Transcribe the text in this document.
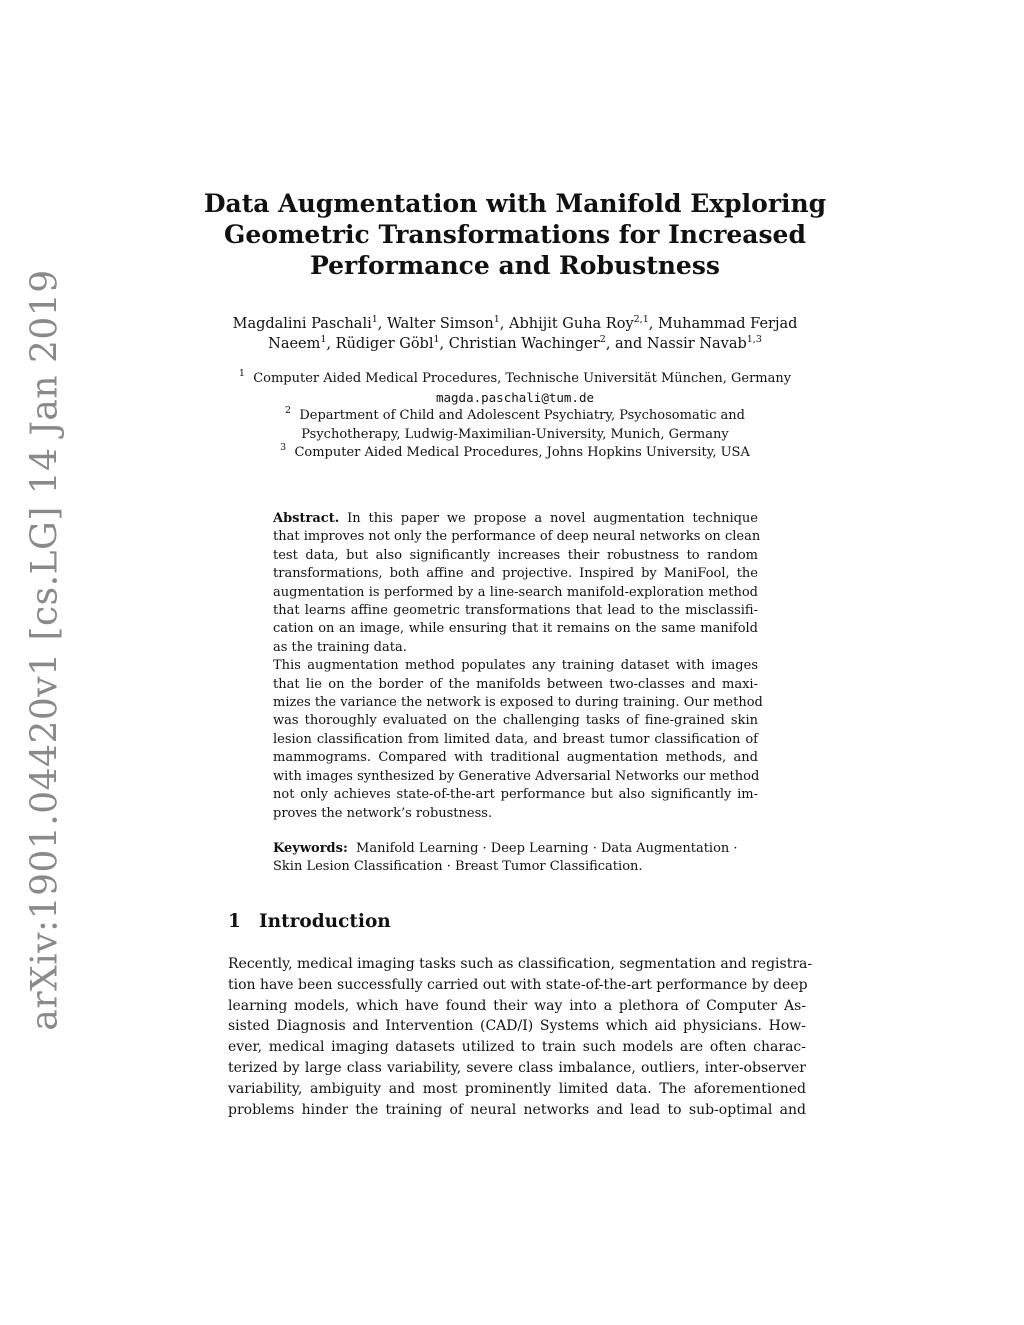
arXiv:1901.04420v1 [cs.LG] 14 Jan 2019
Data Augmentation with Manifold Exploring
Geometric Transformations for Increased
Performance and Robustness
Magdalini Paschali$^1$, Walter Simson$^1$, Abhijit Guha Roy$^{2,1}$, Muhammad Ferjad
Naeem$^1$, Rüdiger Göbl$^1$, Christian Wachinger$^2$, and Nassir Navab$^{1,3}$
$^1$ Computer Aided Medical Procedures, Technische Universität München, Germany
magda.paschali@tum.de
$^2$ Department of Child and Adolescent Psychiatry, Psychosomatic and
Psychotherapy, Ludwig-Maximilian-University, Munich, Germany
$^3$ Computer Aided Medical Procedures, Johns Hopkins University, USA
Abstract. In this paper we propose a novel augmentation technique
that improves not only the performance of deep neural networks on clean
test data, but also significantly increases their robustness to random
transformations, both affine and projective. Inspired by ManiFool, the
augmentation is performed by a line-search manifold-exploration method
that learns affine geometric transformations that lead to the misclassifi-
cation on an image, while ensuring that it remains on the same manifold
as the training data.
This augmentation method populates any training dataset with images
that lie on the border of the manifolds between two-classes and maxi-
mizes the variance the network is exposed to during training. Our method
was thoroughly evaluated on the challenging tasks of fine-grained skin
lesion classification from limited data, and breast tumor classification of
mammograms. Compared with traditional augmentation methods, and
with images synthesized by Generative Adversarial Networks our method
not only achieves state-of-the-art performance but also significantly im-
proves the network’s robustness.
Keywords: Manifold Learning · Deep Learning · Data Augmentation ·
Skin Lesion Classification · Breast Tumor Classification.
1 Introduction
Recently, medical imaging tasks such as classification, segmentation and registra-
tion have been successfully carried out with state-of-the-art performance by deep
learning models, which have found their way into a plethora of Computer As-
sisted Diagnosis and Intervention (CAD/I) Systems which aid physicians. How-
ever, medical imaging datasets utilized to train such models are often charac-
terized by large class variability, severe class imbalance, outliers, inter-observer
variability, ambiguity and most prominently limited data. The aforementioned
problems hinder the training of neural networks and lead to sub-optimal and
